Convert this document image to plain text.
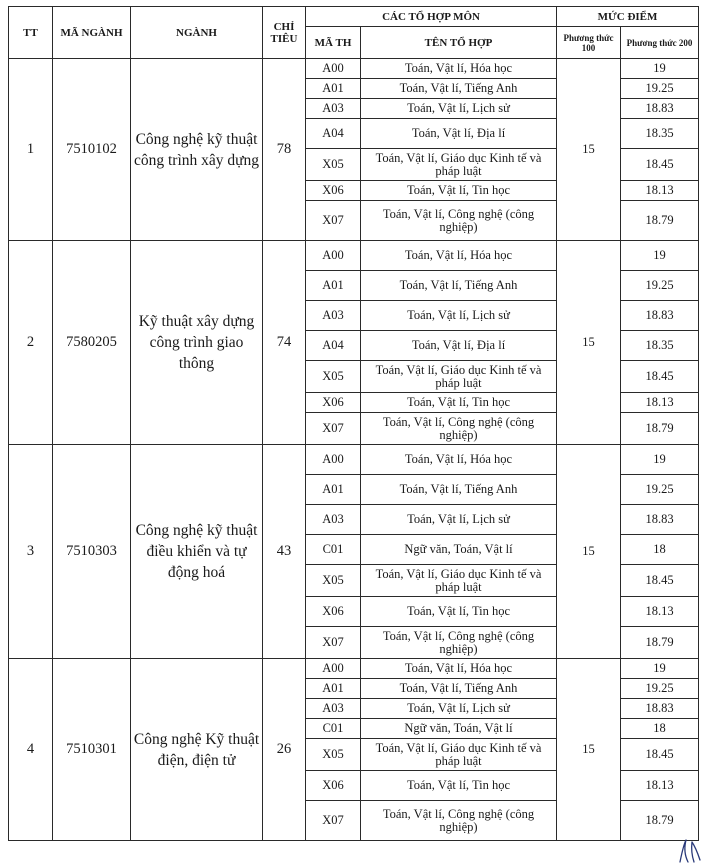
TT	MÃ NGÀNH	NGÀNH	CHỈ TIÊU	CÁC TỔ HỢP MÔN		MỨC ĐIỂM	
				MÃ TH	TÊN TỔ HỢP	Phương thức 100	Phương thức 200
1	7510102	Công nghệ kỹ thuật công trình xây dựng	78	A00	Toán, Vật lí, Hóa học	15	19
				A01	Toán, Vật lí, Tiếng Anh		19.25
				A03	Toán, Vật lí, Lịch sử		18.83
				A04	Toán, Vật lí, Địa lí		18.35
				X05	Toán, Vật lí, Giáo dục Kinh tế và pháp luật		18.45
				X06	Toán, Vật lí, Tin học		18.13
				X07	Toán, Vật lí, Công nghệ (công nghiệp)		18.79
2	7580205	Kỹ thuật xây dựng công trình giao thông	74	A00	Toán, Vật lí, Hóa học	15	19
				A01	Toán, Vật lí, Tiếng Anh		19.25
				A03	Toán, Vật lí, Lịch sử		18.83
				A04	Toán, Vật lí, Địa lí		18.35
				X05	Toán, Vật lí, Giáo dục Kinh tế và pháp luật		18.45
				X06	Toán, Vật lí, Tin học		18.13
				X07	Toán, Vật lí, Công nghệ (công nghiệp)		18.79
3	7510303	Công nghệ kỹ thuật điều khiển và tự động hoá	43	A00	Toán, Vật lí, Hóa học	15	19
				A01	Toán, Vật lí, Tiếng Anh		19.25
				A03	Toán, Vật lí, Lịch sử		18.83
				C01	Ngữ văn, Toán, Vật lí		18
				X05	Toán, Vật lí, Giáo dục Kinh tế và pháp luật		18.45
				X06	Toán, Vật lí, Tin học		18.13
				X07	Toán, Vật lí, Công nghệ (công nghiệp)		18.79
4	7510301	Công nghệ Kỹ thuật điện, điện tử	26	A00	Toán, Vật lí, Hóa học	15	19
				A01	Toán, Vật lí, Tiếng Anh		19.25
				A03	Toán, Vật lí, Lịch sử		18.83
				C01	Ngữ văn, Toán, Vật lí		18
				X05	Toán, Vật lí, Giáo dục Kinh tế và pháp luật		18.45
				X06	Toán, Vật lí, Tin học		18.13
				X07	Toán, Vật lí, Công nghệ (công nghiệp)		18.79
